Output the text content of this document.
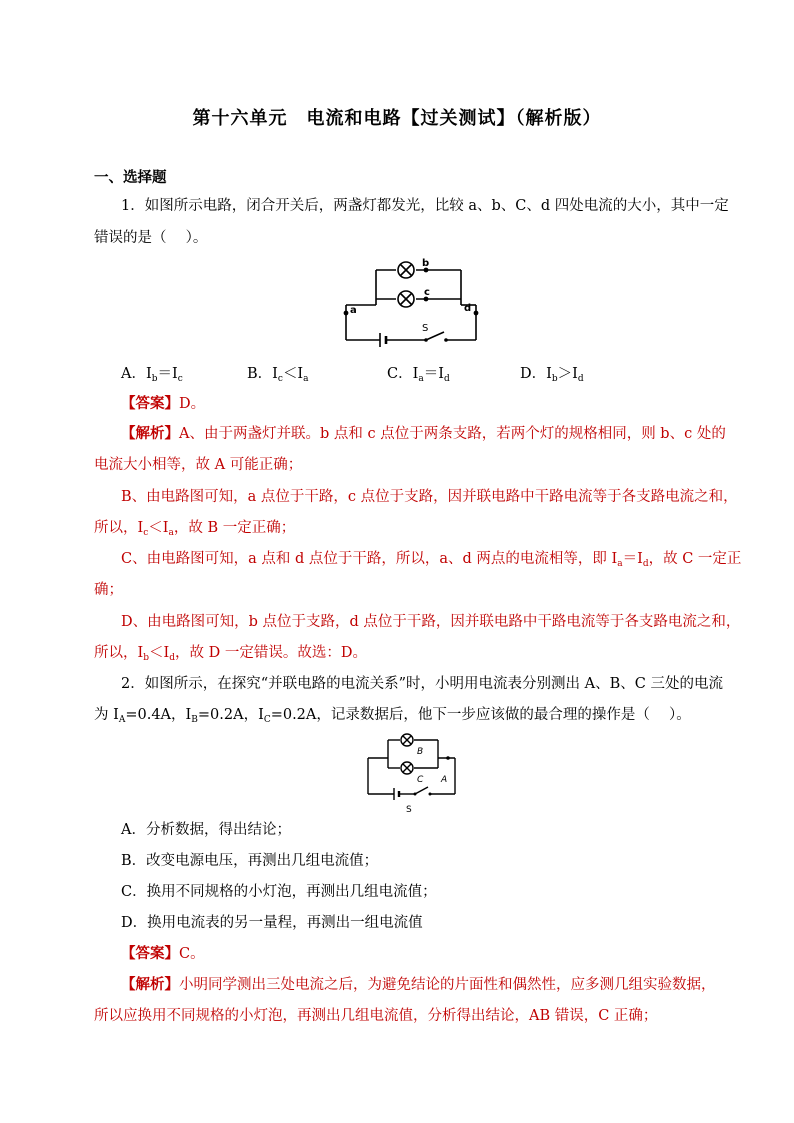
第十六单元　电流和电路【过关测试】（解析版）
一、选择题
1．如图所示电路，闭合开关后，两盏灯都发光，比较 a、b、C、d 四处电流的大小，其中一定
错误的是（　 ）。
a
b
c
d
S
A．$I_b=I_c$	B．$I_c<I_a$	C．$I_a=I_d$	D．$I_b>I_d$
【答案】D。
【解析】A、由于两盏灯并联。b 点和 c 点位于两条支路，若两个灯的规格相同，则 b、c 处的
电流大小相等，故 A 可能正确；
B、由电路图可知，a 点位于干路，c 点位于支路，因并联电路中干路电流等于各支路电流之和，
所以，$I_c<I_a$，故 B 一定正确；
C、由电路图可知，a 点和 d 点位于干路，所以，a、d 两点的电流相等，即 $I_a=I_d$，故 C 一定正
确；
D、由电路图可知，b 点位于支路，d 点位于干路，因并联电路中干路电流等于各支路电流之和，
所以，$I_b<I_d$，故 D 一定错误。故选：D。
2．如图所示，在探究“并联电路的电流关系”时，小明用电流表分别测出 A、B、C 三处的电流
为 $I_A=0.4A$，$I_B=0.2A$，$I_C=0.2A$，记录数据后，他下一步应该做的最合理的操作是（　 ）。
B
C A
S
A．分析数据，得出结论；
B．改变电源电压，再测出几组电流值；
C．换用不同规格的小灯泡，再测出几组电流值；
D．换用电流表的另一量程，再测出一组电流值
【答案】C。
【解析】小明同学测出三处电流之后，为避免结论的片面性和偶然性，应多测几组实验数据，
所以应换用不同规格的小灯泡，再测出几组电流值，分析得出结论，AB 错误，C 正确；
